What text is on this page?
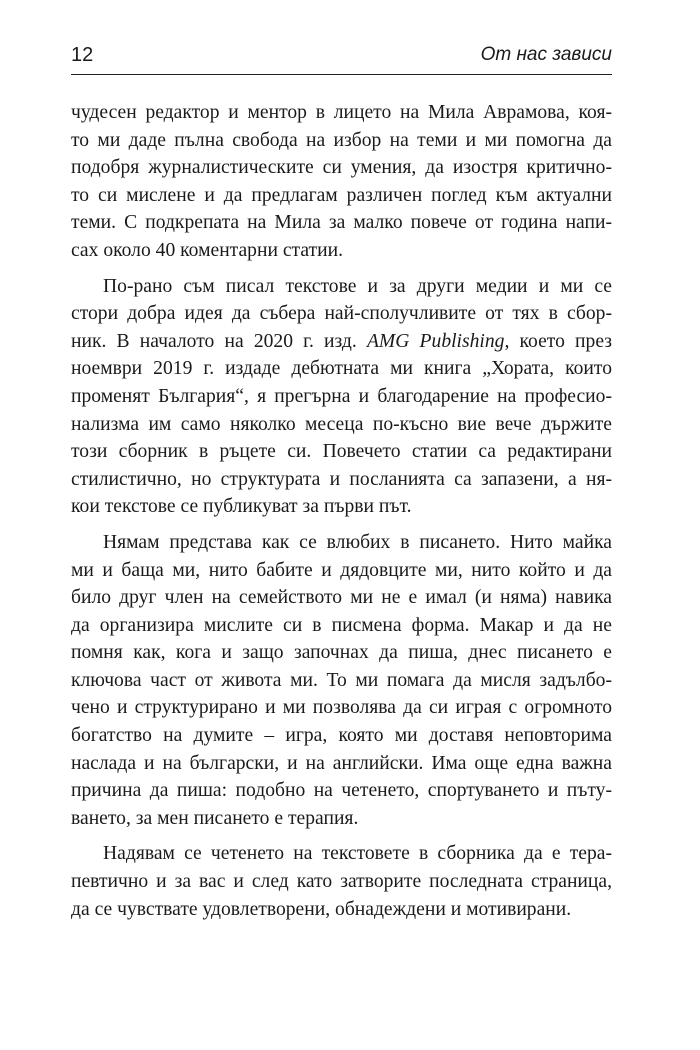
12	От нас зависи
чудесен редактор и ментор в лицето на Мила Аврамова, коя-
то ми даде пълна свобода на избор на теми и ми помогна да
подобря журналистическите си умения, да изостря критично-
то си мислене и да предлагам различен поглед към актуални
теми. С подкрепата на Мила за малко повече от година напи-
сах около 40 коментарни статии.
По-рано съм писал текстове и за други медии и ми се
стори добра идея да събера най-сполучливите от тях в сбор-
ник. В началото на 2020 г. изд. AMG Publishing, което през
ноември 2019 г. издаде дебютната ми книга „Хората, които
променят България“, я прегърна и благодарение на професио-
нализма им само няколко месеца по-късно вие вече държите
този сборник в ръцете си. Повечето статии са редактирани
стилистично, но структурата и посланията са запазени, а ня-
кои текстове се публикуват за първи път.
Нямам представа как се влюбих в писането. Нито майка
ми и баща ми, нито бабите и дядовците ми, нито който и да
било друг член на семейството ми не е имал (и няма) навика
да организира мислите си в писмена форма. Макар и да не
помня как, кога и защо започнах да пиша, днес писането е
ключова част от живота ми. То ми помага да мисля задълбо-
чено и структурирано и ми позволява да си играя с огромното
богатство на думите – игра, която ми доставя неповторима
наслада и на български, и на английски. Има още една важна
причина да пиша: подобно на четенето, спортуването и пъту-
ването, за мен писането е терапия.
Надявам се четенето на текстовете в сборника да е тера-
певтично и за вас и след като затворите последната страница,
да се чувствате удовлетворени, обнадеждени и мотивирани.
